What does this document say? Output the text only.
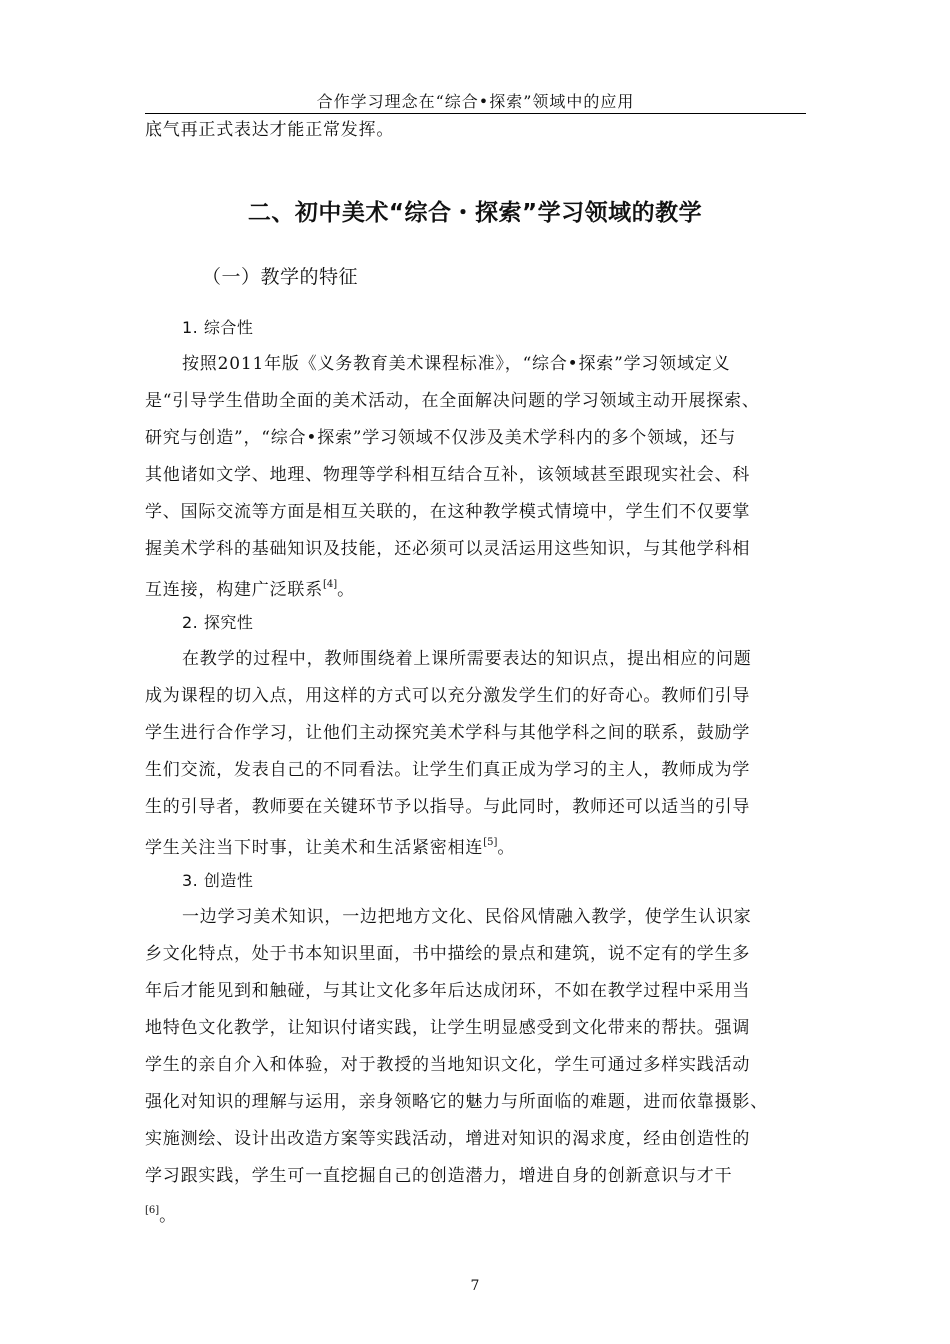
合作学习理念在“综合•探索”领域中的应用
底气再正式表达才能正常发挥。
二、初中美术“综合・探索”学习领域的教学
（一）教学的特征
1. 综合性
按照2011年版《义务教育美术课程标准》，“综合•探索”学习领域定义
是“引导学生借助全面的美术活动，在全面解决问题的学习领域主动开展探索、
研究与创造”，“综合•探索”学习领域不仅涉及美术学科内的多个领域，还与
其他诸如文学、地理、物理等学科相互结合互补，该领域甚至跟现实社会、科
学、国际交流等方面是相互关联的，在这种教学模式情境中，学生们不仅要掌
握美术学科的基础知识及技能，还必须可以灵活运用这些知识，与其他学科相
互连接，构建广泛联系[4]。
2. 探究性
在教学的过程中，教师围绕着上课所需要表达的知识点，提出相应的问题
成为课程的切入点，用这样的方式可以充分激发学生们的好奇心。教师们引导
学生进行合作学习，让他们主动探究美术学科与其他学科之间的联系，鼓励学
生们交流，发表自己的不同看法。让学生们真正成为学习的主人，教师成为学
生的引导者，教师要在关键环节予以指导。与此同时，教师还可以适当的引导
学生关注当下时事，让美术和生活紧密相连[5]。
3. 创造性
一边学习美术知识，一边把地方文化、民俗风情融入教学，使学生认识家
乡文化特点，处于书本知识里面，书中描绘的景点和建筑，说不定有的学生多
年后才能见到和触碰，与其让文化多年后达成闭环，不如在教学过程中采用当
地特色文化教学，让知识付诸实践，让学生明显感受到文化带来的帮扶。强调
学生的亲自介入和体验，对于教授的当地知识文化，学生可通过多样实践活动
强化对知识的理解与运用，亲身领略它的魅力与所面临的难题，进而依靠摄影、
实施测绘、设计出改造方案等实践活动，增进对知识的渴求度，经由创造性的
学习跟实践，学生可一直挖掘自己的创造潜力，增进自身的创新意识与才干
[6]。
7
